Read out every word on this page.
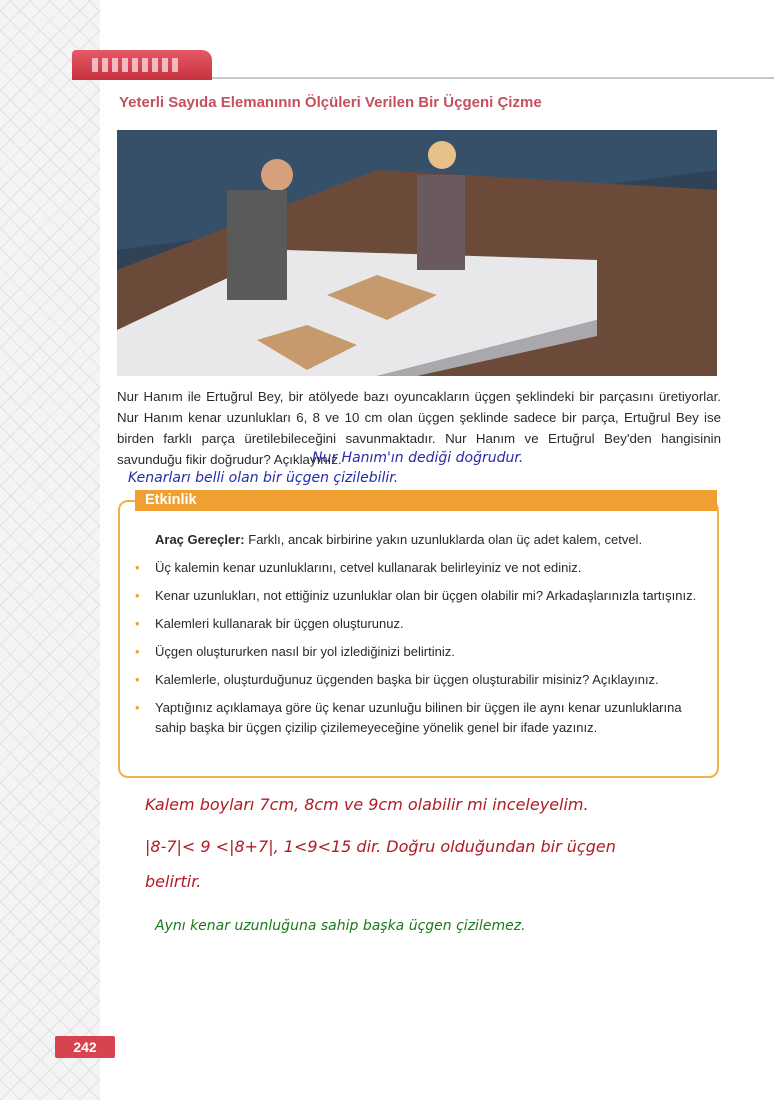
Yeterli Sayıda Elemanının Ölçüleri Verilen Bir Üçgeni Çizme
Nur Hanım ile Ertuğrul Bey, bir atölyede bazı oyuncakların üçgen şeklindeki bir parçasını üretiyorlar. Nur Hanım kenar uzunlukları 6, 8 ve 10 cm olan üçgen şeklinde sadece bir parça, Ertuğrul Bey ise birden farklı parça üretilebileceğini savunmaktadır. Nur Hanım ve Ertuğrul Bey'den hangisinin savunduğu fikir doğrudur? Açıklayınız.
Nur Hanım'ın dediği doğrudur.
Kenarları belli olan bir üçgen çizilebilir.
Etkinlik
Araç Gereçler: Farklı, ancak birbirine yakın uzunluklarda olan üç adet kalem, cetvel.
• Üç kalemin kenar uzunluklarını, cetvel kullanarak belirleyiniz ve not ediniz.
• Kenar uzunlukları, not ettiğiniz uzunluklar olan bir üçgen olabilir mi? Arkadaşlarınızla tartışınız.
• Kalemleri kullanarak bir üçgen oluşturunuz.
• Üçgen oluştururken nasıl bir yol izlediğinizi belirtiniz.
• Kalemlerle, oluşturduğunuz üçgenden başka bir üçgen oluşturabilir misiniz? Açıklayınız.
• Yaptığınız açıklamaya göre üç kenar uzunluğu bilinen bir üçgen ile aynı kenar uzunluklarına sahip başka bir üçgen çizilip çizilemeyeceğine yönelik genel bir ifade yazınız.
Kalem boyları 7cm, 8cm ve 9cm olabilir mi inceleyelim.
|8-7|< 9 <|8+7|, 1<9<15 dir. Doğru olduğundan bir üçgen
belirtir.
Aynı kenar uzunluğuna sahip başka üçgen çizilemez.
242
